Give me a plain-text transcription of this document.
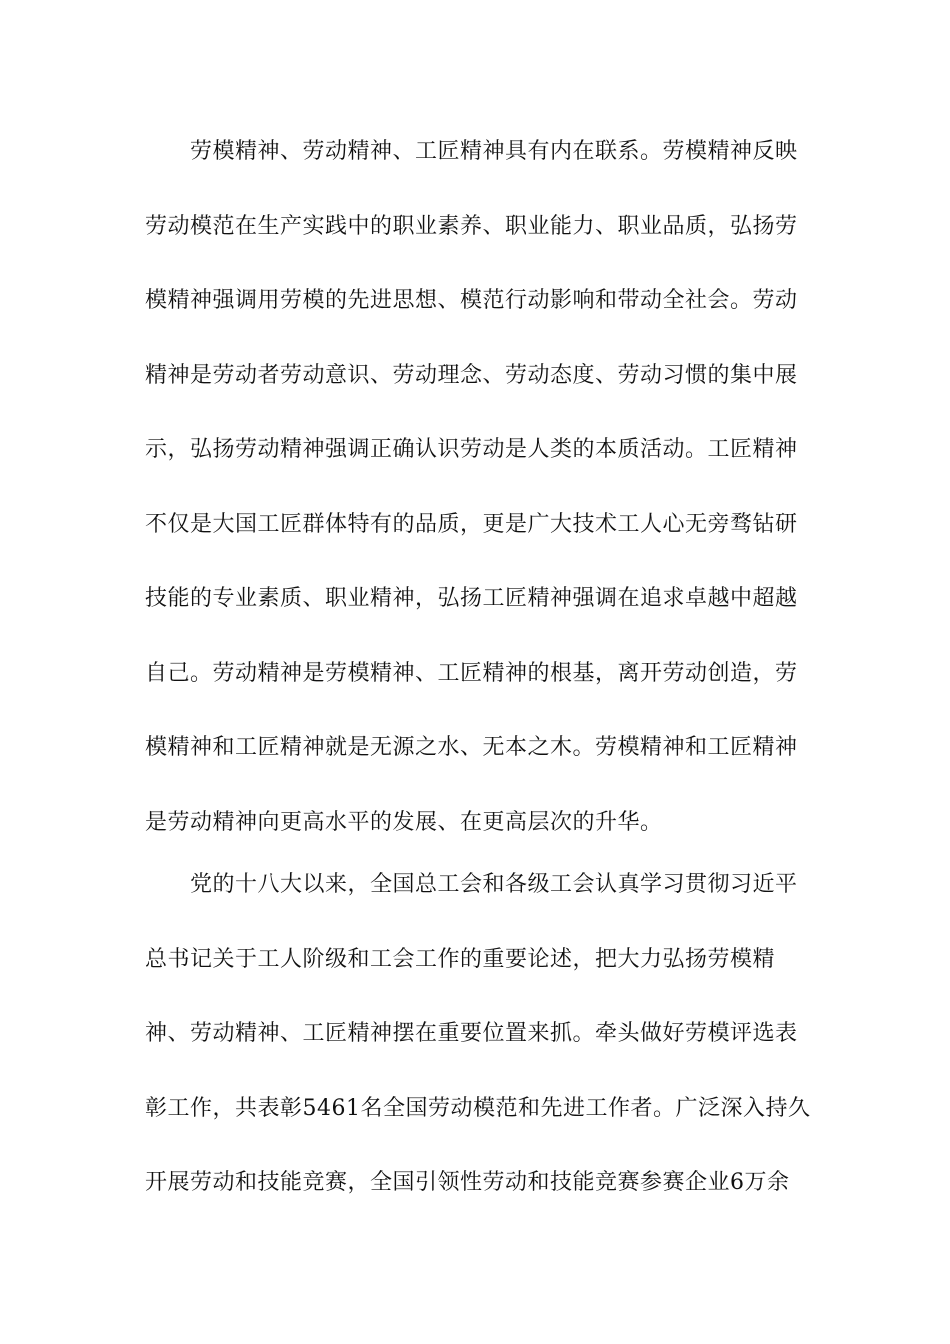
劳模精神、劳动精神、工匠精神具有内在联系。劳模精神反映
劳动模范在生产实践中的职业素养、职业能力、职业品质，弘扬劳
模精神强调用劳模的先进思想、模范行动影响和带动全社会。劳动
精神是劳动者劳动意识、劳动理念、劳动态度、劳动习惯的集中展
示，弘扬劳动精神强调正确认识劳动是人类的本质活动。工匠精神
不仅是大国工匠群体特有的品质，更是广大技术工人心无旁骛钻研
技能的专业素质、职业精神，弘扬工匠精神强调在追求卓越中超越
自己。劳动精神是劳模精神、工匠精神的根基，离开劳动创造，劳
模精神和工匠精神就是无源之水、无本之木。劳模精神和工匠精神
是劳动精神向更高水平的发展、在更高层次的升华。
党的十八大以来，全国总工会和各级工会认真学习贯彻习近平
总书记关于工人阶级和工会工作的重要论述，把大力弘扬劳模精
神、劳动精神、工匠精神摆在重要位置来抓。牵头做好劳模评选表
彰工作，共表彰5461名全国劳动模范和先进工作者。广泛深入持久
开展劳动和技能竞赛，全国引领性劳动和技能竞赛参赛企业6万余
